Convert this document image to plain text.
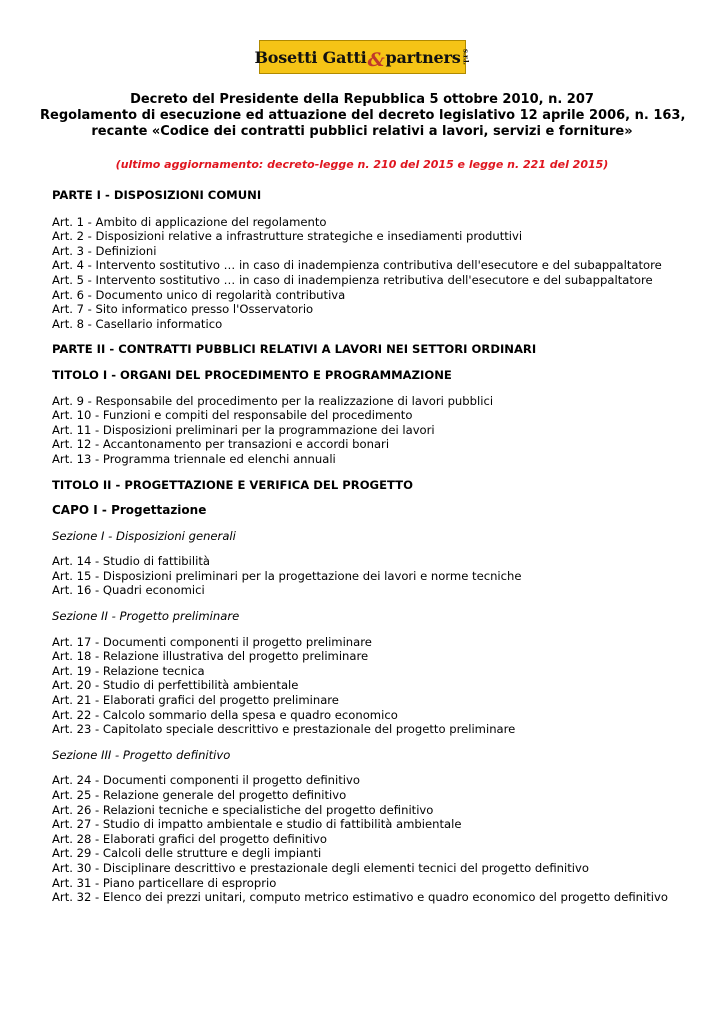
Bosetti Gatti & partners s.r.l.
Decreto del Presidente della Repubblica 5 ottobre 2010, n. 207
Regolamento di esecuzione ed attuazione del decreto legislativo 12 aprile 2006, n. 163,
recante «Codice dei contratti pubblici relativi a lavori, servizi e forniture»
(ultimo aggiornamento: decreto-legge n. 210 del 2015 e legge n. 221 del 2015)
PARTE I - DISPOSIZIONI COMUNI
Art. 1 - Ambito di applicazione del regolamento
Art. 2 - Disposizioni relative a infrastrutture strategiche e insediamenti produttivi
Art. 3 - Definizioni
Art. 4 - Intervento sostitutivo … in caso di inadempienza contributiva dell'esecutore e del subappaltatore
Art. 5 - Intervento sostitutivo … in caso di inadempienza retributiva dell'esecutore e del subappaltatore
Art. 6 - Documento unico di regolarità contributiva
Art. 7 - Sito informatico presso l'Osservatorio
Art. 8 - Casellario informatico
PARTE II - CONTRATTI PUBBLICI RELATIVI A LAVORI NEI SETTORI ORDINARI
TITOLO I - ORGANI DEL PROCEDIMENTO E PROGRAMMAZIONE
Art. 9 - Responsabile del procedimento per la realizzazione di lavori pubblici
Art. 10 - Funzioni e compiti del responsabile del procedimento
Art. 11 - Disposizioni preliminari per la programmazione dei lavori
Art. 12 - Accantonamento per transazioni e accordi bonari
Art. 13 - Programma triennale ed elenchi annuali
TITOLO II - PROGETTAZIONE E VERIFICA DEL PROGETTO
CAPO I - Progettazione
Sezione I - Disposizioni generali
Art. 14 - Studio di fattibilità
Art. 15 - Disposizioni preliminari per la progettazione dei lavori e norme tecniche
Art. 16 - Quadri economici
Sezione II - Progetto preliminare
Art. 17 - Documenti componenti il progetto preliminare
Art. 18 - Relazione illustrativa del progetto preliminare
Art. 19 - Relazione tecnica
Art. 20 - Studio di perfettibilità ambientale
Art. 21 - Elaborati grafici del progetto preliminare
Art. 22 - Calcolo sommario della spesa e quadro economico
Art. 23 - Capitolato speciale descrittivo e prestazionale del progetto preliminare
Sezione III - Progetto definitivo
Art. 24 - Documenti componenti il progetto definitivo
Art. 25 - Relazione generale del progetto definitivo
Art. 26 - Relazioni tecniche e specialistiche del progetto definitivo
Art. 27 - Studio di impatto ambientale e studio di fattibilità ambientale
Art. 28 - Elaborati grafici del progetto definitivo
Art. 29 - Calcoli delle strutture e degli impianti
Art. 30 - Disciplinare descrittivo e prestazionale degli elementi tecnici del progetto definitivo
Art. 31 - Piano particellare di esproprio
Art. 32 - Elenco dei prezzi unitari, computo metrico estimativo e quadro economico del progetto definitivo
